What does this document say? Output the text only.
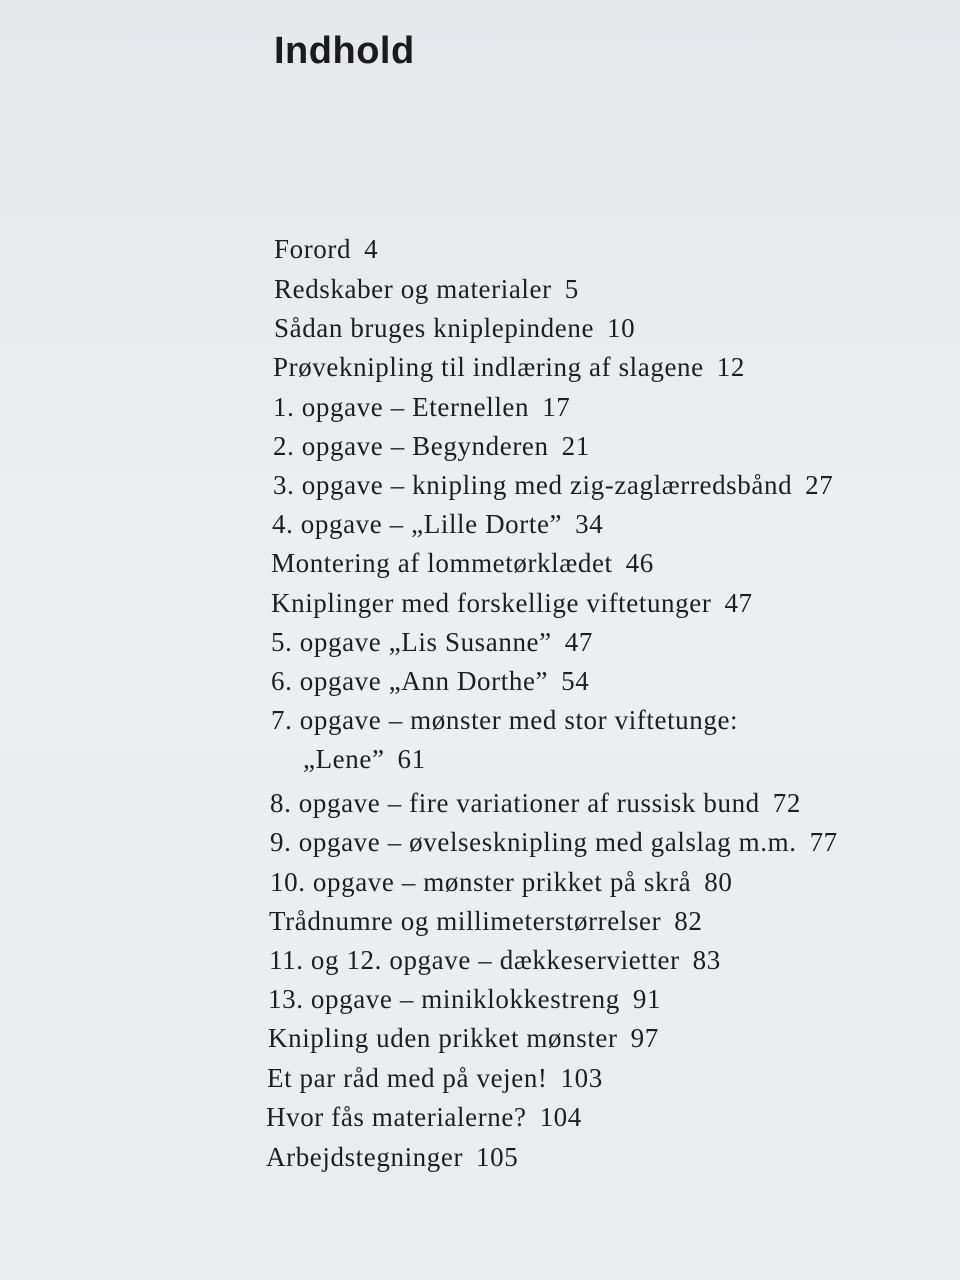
Indhold
Forord 4
Redskaber og materialer 5
Sådan bruges kniplepindene 10
Prøveknipling til indlæring af slagene 12
1. opgave – Eternellen 17
2. opgave – Begynderen 21
3. opgave – knipling med zig-zaglærredsbånd 27
4. opgave – „Lille Dorte” 34
Montering af lommetørklædet 46
Kniplinger med forskellige viftetunger 47
5. opgave „Lis Susanne” 47
6. opgave „Ann Dorthe” 54
7. opgave – mønster med stor viftetunge:
„Lene” 61
8. opgave – fire variationer af russisk bund 72
9. opgave – øvelsesknipling med galslag m.m. 77
10. opgave – mønster prikket på skrå 80
Trådnumre og millimeterstørrelser 82
11. og 12. opgave – dækkeservietter 83
13. opgave – miniklokkestreng 91
Knipling uden prikket mønster 97
Et par råd med på vejen! 103
Hvor fås materialerne? 104
Arbejdstegninger 105
